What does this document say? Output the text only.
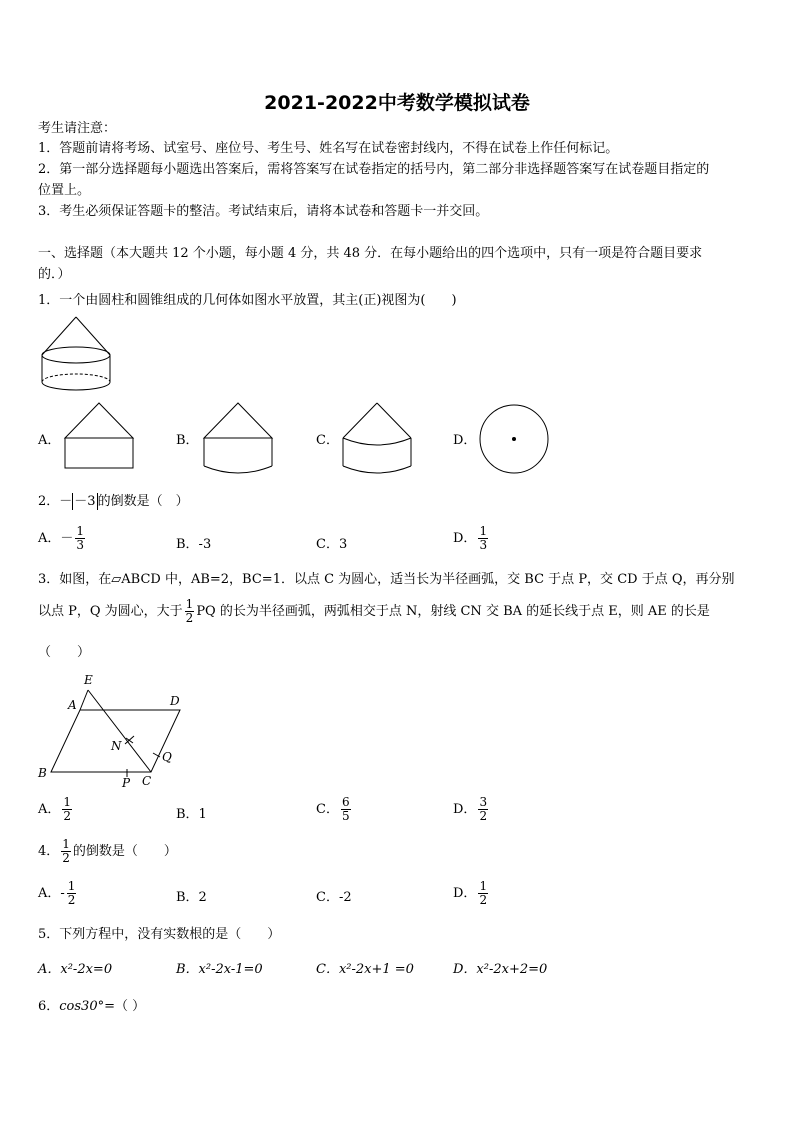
2021-2022中考数学模拟试卷
考生请注意：
1．答题前请将考场、试室号、座位号、考生号、姓名写在试卷密封线内，不得在试卷上作任何标记。
2．第一部分选择题每小题选出答案后，需将答案写在试卷指定的括号内，第二部分非选择题答案写在试卷题目指定的
位置上。
3．考生必须保证答题卡的整洁。考试结束后，请将本试卷和答题卡一并交回。
一、选择题（本大题共 12 个小题，每小题 4 分，共 48 分．在每小题给出的四个选项中，只有一项是符合题目要求
的．）
1．一个由圆柱和圆锥组成的几何体如图水平放置，其主(正)视图为(　　)
A．	B．	C．	D．
2．－ －3 的倒数是（　）
A．－ $\frac{1}{3}$	B．-3	C．3	D． $\frac{1}{3}$
3．如图，在▱ABCD 中，AB=2，BC=1．以点 C 为圆心，适当长为半径画弧，交 BC 于点 P，交 CD 于点 Q，再分别
以点 P，Q 为圆心，大于 $\frac{1}{2}$ PQ 的长为半径画弧，两弧相交于点 N，射线 CN 交 BA 的延长线于点 E，则 AE 的长是
（　　）
E
A	D
N
Q
B
P C
A． $\frac{1}{2}$	B．1	C． $\frac{6}{5}$	D． $\frac{3}{2}$
4． $\frac{1}{2}$ 的倒数是（　　）
A．- $\frac{1}{2}$	B．2	C．-2	D． $\frac{1}{2}$
5．下列方程中，没有实数根的是（　　）
A．x²-2x=0	B．x²-2x-1=0	C．x²-2x+1 =0	D．x²-2x+2=0
6．cos30°=（ ）
